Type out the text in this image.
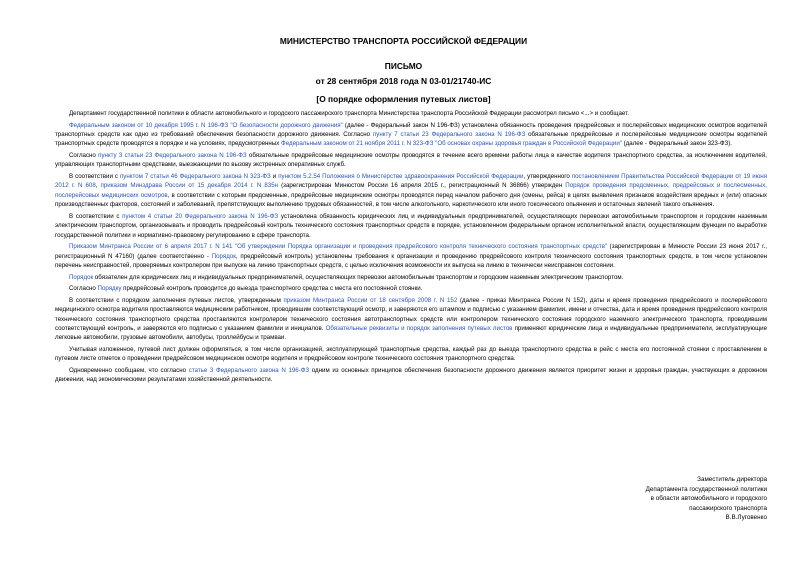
МИНИСТЕРСТВО ТРАНСПОРТА РОССИЙСКОЙ ФЕДЕРАЦИИ
ПИСЬМО
от 28 сентября 2018 года N 03-01/21740-ИС
[О порядке оформления путевых листов]

Департамент государственной политики в области автомобильного и городского пассажирского транспорта Министерства транспорта Российской Федерации рассмотрел письмо <...> и сообщает.

Федеральным законом от 10 декабря 1995 г. N 196-ФЗ "О безопасности дорожного движения" (далее - Федеральный закон N 196-ФЗ) установлена обязанность проведения предрейсовых и послерейсовых медицинских осмотров водителей транспортных средств как одно из требований обеспечения безопасности дорожного движения. Согласно пункту 7 статьи 23 Федерального закона N 196-ФЗ обязательные предрейсовые и послерейсовые медицинские осмотры водителей транспортных средств проводятся в порядке и на условиях, предусмотренных Федеральным законом от 21 ноября 2011 г. N 323-ФЗ "Об основах охраны здоровья граждан в Российской Федерации" (далее - Федеральный закон 323-ФЗ).

Согласно пункту 3 статьи 23 Федерального закона N 196-ФЗ обязательные предрейсовые медицинские осмотры проводятся в течение всего времени работы лица в качестве водителя транспортного средства, за исключением водителей, управляющих транспортными средствами, выезжающими по вызову экстренных оперативных служб.

В соответствии с пунктом 7 статьи 46 Федерального закона N 323-ФЗ и пунктом 5.2.54 Положения о Министерстве здравоохранения Российской Федерации, утвержденного постановлением Правительства Российской Федерации от 19 июня 2012 г. N 608, приказом Минздрава России от 15 декабря 2014 г. N 835н (зарегистрирован Минюстом России 16 апреля 2015 г., регистрационный N 36866) утвержден Порядок проведения предсменных, предрейсовых и послесменных, послерейсовых медицинских осмотров, в соответствии с которым предсменные, предрейсовые медицинские осмотры проводятся перед началом рабочего дня (смены, рейса) в целях выявления признаков воздействия вредных и (или) опасных производственных факторов, состояний и заболеваний, препятствующих выполнению трудовых обязанностей, в том числе алкогольного, наркотического или иного токсического опьянения и остаточных явлений такого опьянения.

В соответствии с пунктом 4 статьи 20 Федерального закона N 196-ФЗ установлена обязанность юридических лиц и индивидуальных предпринимателей, осуществляющих перевозки автомобильным транспортом и городским наземным электрическим транспортом, организовывать и проводить предрейсовый контроль технического состояния транспортных средств в порядке, установленном федеральным органом исполнительной власти, осуществляющим функции по выработке государственной политики и нормативно-правовому регулированию в сфере транспорта.

Приказом Минтранса России от 6 апреля 2017 г. N 141 "Об утверждении Порядка организации и проведения предрейсового контроля технического состояния транспортных средств" (зарегистрирован в Минюсте России 23 июня 2017 г., регистрационный N 47160) (далее соответственно - Порядок, предрейсовый контроль) установлены требования к организации и проведению предрейсового контроля технического состояния транспортных средств, в том числе установлен перечень неисправностей, проверяемых контролером при выпуске на линию транспортных средств, с целью исключения возможности их выпуска на линию в технически неисправном состоянии.

Порядок обязателен для юридических лиц и индивидуальных предпринимателей, осуществляющих перевозки автомобильным транспортом и городским наземным электрическим транспортом.

Согласно Порядку предрейсовый контроль проводится до выезда транспортного средства с места его постоянной стоянки.

В соответствии с порядком заполнения путевых листов, утвержденным приказом Минтранса России от 18 сентября 2008 г. N 152 (далее - приказ Минтранса России N 152), даты и время проведения предрейсового и послерейсового медицинского осмотра водителя проставляются медицинским работником, проводившим соответствующий осмотр, и заверяются его штампом и подписью с указанием фамилии, имени и отчества, дата и время проведения предрейсового контроля технического состояния транспортного средства проставляются контролером технического состояния автотранспортных средств или контролером технического состояния городского наземного электрического транспорта, проводившим соответствующий контроль, и заверяются его подписью с указанием фамилии и инициалов. Обязательные реквизиты и порядок заполнения путевых листов применяют юридические лица и индивидуальные предприниматели, эксплуатирующие легковые автомобили, грузовые автомобили, автобусы, троллейбусы и трамваи.

Учитывая изложенное, путевой лист должен оформляться, в том числе организацией, эксплуатирующей транспортные средства, каждый раз до выезда транспортного средства в рейс с места его постоянной стоянки с проставлением в путевом листе отметок о проведении предрейсовом медицинском осмотре водителя и предрейсовом контроле технического состояния транспортного средства.

Одновременно сообщаем, что согласно статье 3 Федерального закона N 196-ФЗ одним из основных принципов обеспечения безопасности дорожного движения является приоритет жизни и здоровья граждан, участвующих в дорожном движении, над экономическими результатами хозяйственной деятельности.

Заместитель директора
Департамента государственной политики
в области автомобильного и городского
пассажирского транспорта
В.В.Луговенко
